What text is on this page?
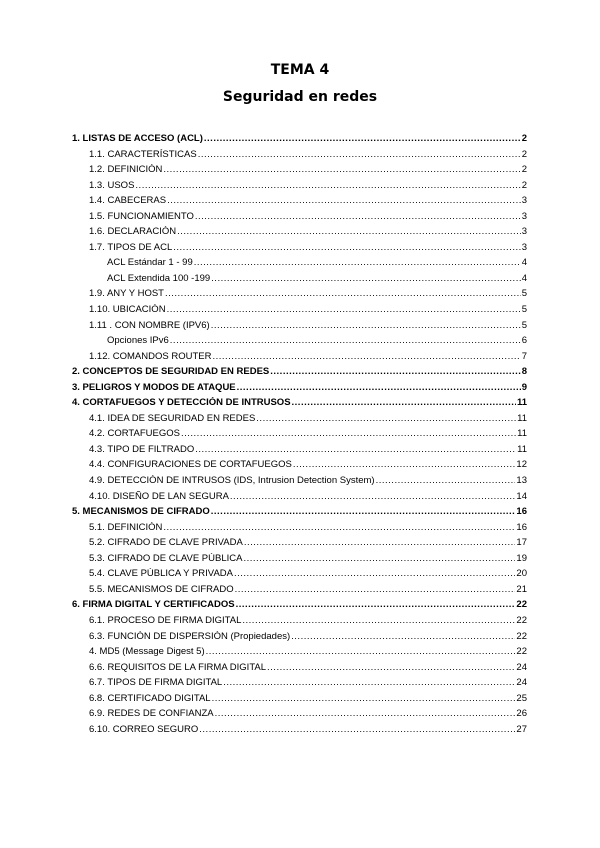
TEMA 4
Seguridad en redes
1. LISTAS DE ACCESO (ACL) .....	2
1.1. CARACTERÍSTICAS .....	2
1.2. DEFINICIÓN .....	2
1.3. USOS .....	2
1.4. CABECERAS .....	3
1.5. FUNCIONAMIENTO .....	3
1.6. DECLARACIÓN .....	3
1.7. TIPOS DE ACL .....	3
ACL Estándar 1 - 99 .....	4
ACL Extendida 100 -199 .....	4
1.9. ANY Y HOST .....	5
1.10. UBICACIÓN .....	5
1.11 . CON NOMBRE (IPV6) .....	5
Opciones IPv6 .....	6
1.12. COMANDOS ROUTER .....	7
2. CONCEPTOS DE SEGURIDAD EN REDES .....	8
3. PELIGROS Y MODOS DE ATAQUE .....	9
4. CORTAFUEGOS Y DETECCIÓN DE INTRUSOS .....	11
4.1. IDEA DE SEGURIDAD EN REDES .....	11
4.2. CORTAFUEGOS .....	11
4.3. TIPO DE FILTRADO .....	11
4.4. CONFIGURACIONES DE CORTAFUEGOS .....	12
4.9. DETECCIÓN DE INTRUSOS (IDS, Intrusion Detection System) .....	13
4.10. DISEÑO DE LAN SEGURA .....	14
5. MECANISMOS DE CIFRADO .....	16
5.1. DEFINICIÓN .....	16
5.2. CIFRADO DE CLAVE PRIVADA .....	17
5.3. CIFRADO DE CLAVE PÚBLICA .....	19
5.4. CLAVE PÚBLICA Y PRIVADA .....	20
5.5. MECANISMOS DE CIFRADO .....	21
6. FIRMA DIGITAL Y CERTIFICADOS .....	22
6.1. PROCESO DE FIRMA DIGITAL .....	22
6.3. FUNCIÓN DE DISPERSIÓN (Propiedades) .....	22
4. MD5 (Message Digest 5) .....	22
6.6. REQUISITOS DE LA FIRMA DIGITAL .....	24
6.7. TIPOS DE FIRMA DIGITAL .....	24
6.8. CERTIFICADO DIGITAL .....	25
6.9. REDES DE CONFIANZA .....	26
6.10. CORREO SEGURO .....	27
